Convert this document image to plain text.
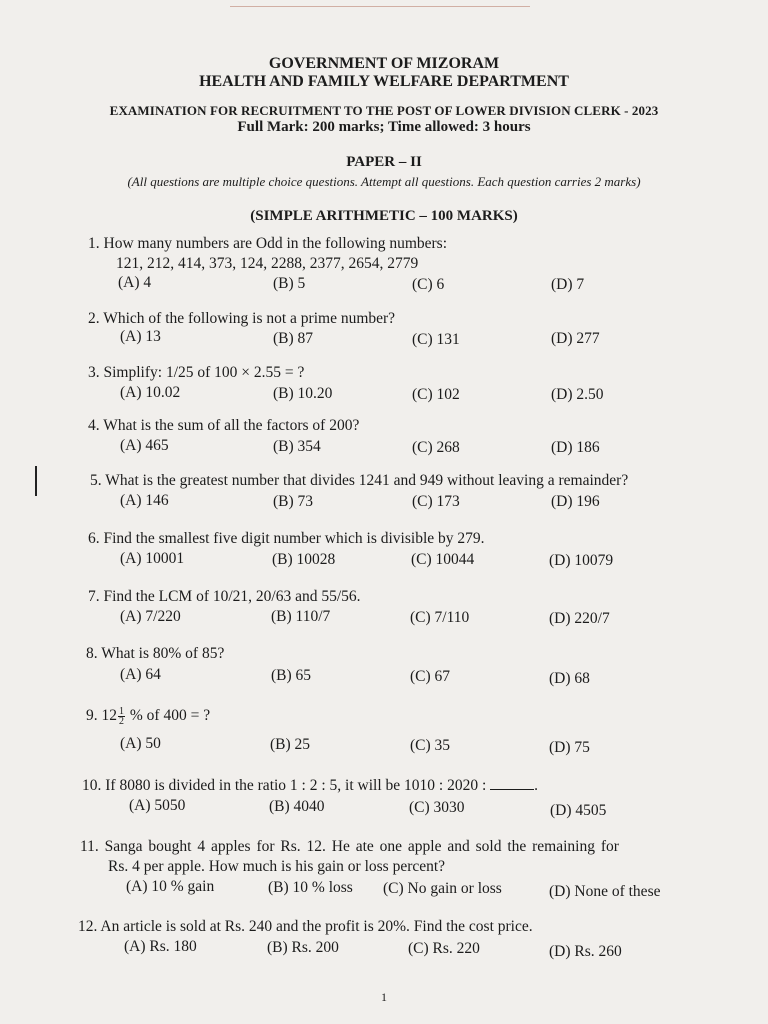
GOVERNMENT OF MIZORAM
HEALTH AND FAMILY WELFARE DEPARTMENT
EXAMINATION FOR RECRUITMENT TO THE POST OF LOWER DIVISION CLERK - 2023
Full Mark: 200 marks; Time allowed: 3 hours
PAPER – II
(All questions are multiple choice questions. Attempt all questions. Each question carries 2 marks)
(SIMPLE ARITHMETIC – 100 MARKS)
1. How many numbers are Odd in the following numbers:
121, 212, 414, 373, 124, 2288, 2377, 2654, 2779
(A) 4	(B) 5	(C) 6	(D) 7
2. Which of the following is not a prime number?
(A) 13	(B) 87	(C) 131	(D) 277
3. Simplify: 1/25 of 100 × 2.55 = ?
(A) 10.02	(B) 10.20	(C) 102	(D) 2.50
4. What is the sum of all the factors of 200?
(A) 465	(B) 354	(C) 268	(D) 186
5. What is the greatest number that divides 1241 and 949 without leaving a remainder?
(A) 146	(B) 73	(C) 173	(D) 196
6. Find the smallest five digit number which is divisible by 279.
(A) 10001	(B) 10028	(C) 10044	(D) 10079
7. Find the LCM of 10/21, 20/63 and 55/56.
(A) 7/220	(B) 110/7	(C) 7/110	(D) 220/7
8. What is 80% of 85?
(A) 64	(B) 65	(C) 67	(D) 68
9. $12 \frac{1}{2}$ % of 400 = ?
(A) 50	(B) 25	(C) 35	(D) 75
10. If 8080 is divided in the ratio 1 : 2 : 5, it will be 1010 : 2020 :	.
(A) 5050	(B) 4040	(C) 3030	(D) 4505
11. Sanga bought 4 apples for Rs. 12. He ate one apple and sold the remaining for
Rs. 4 per apple. How much is his gain or loss percent?
(A) 10 % gain	(B) 10 % loss (C) No gain or loss	(D) None of these
12. An article is sold at Rs. 240 and the profit is 20%. Find the cost price.
(A) Rs. 180	(B) Rs. 200	(C) Rs. 220	(D) Rs. 260
1
